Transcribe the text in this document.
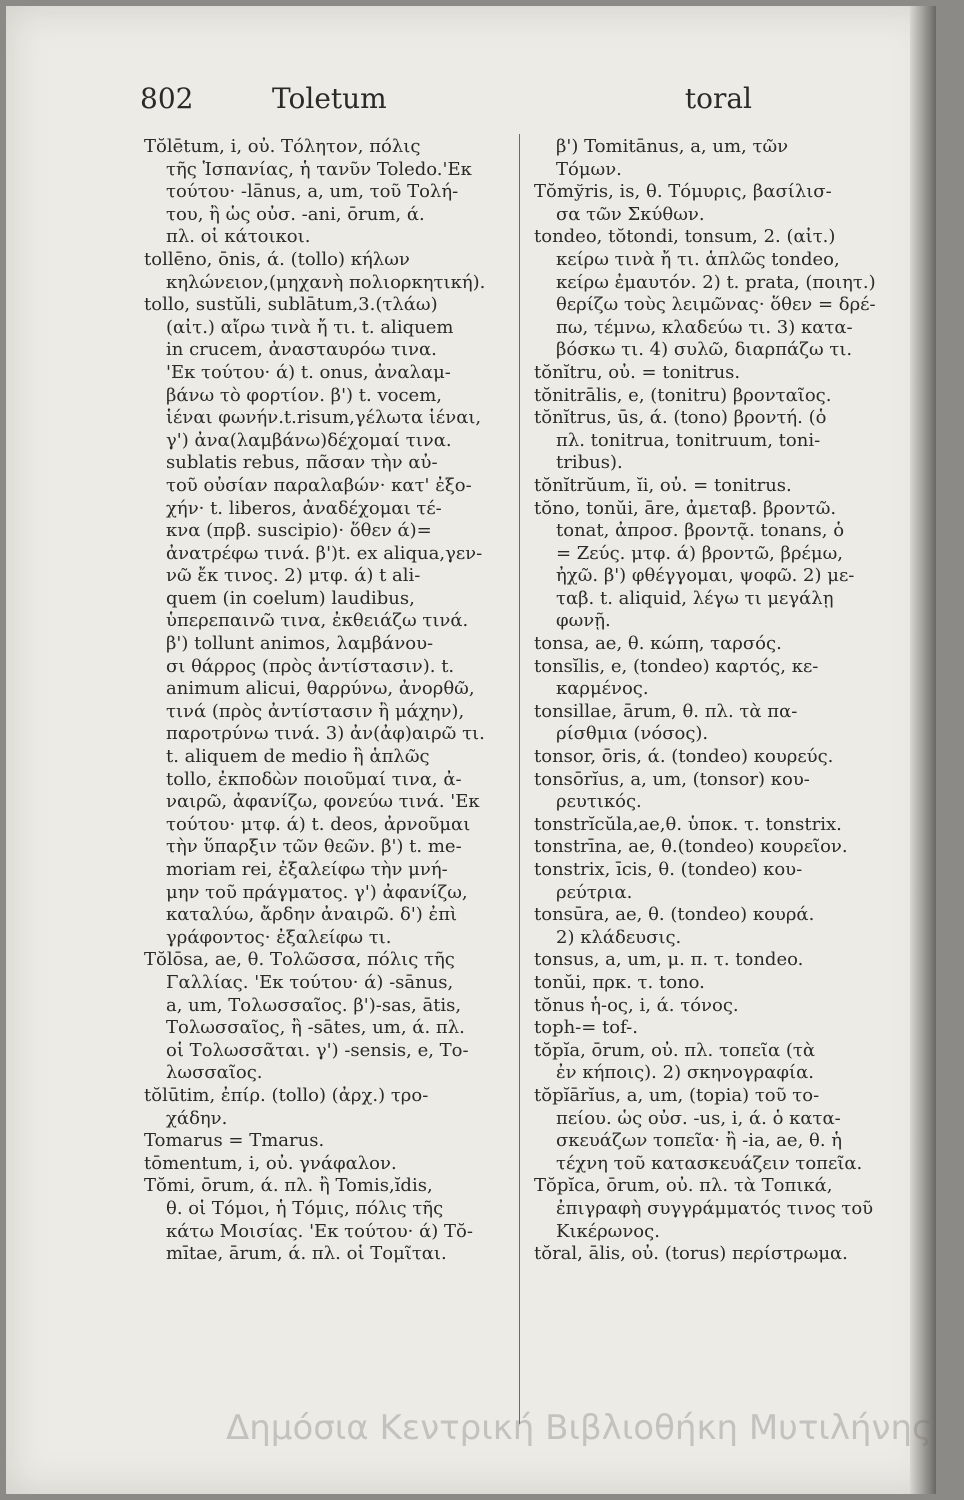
802	Toletum	toral
Tŏlētum, i, οὐ. Τόλητον, πόλις
τῆς Ἱσπανίας, ἡ τανῦν Toledo.'Εκ
τούτου· -lānus, a, um, τοῦ Τολή-
του, ἢ ὡς οὐσ. -ani, ōrum, ά.
πλ. οἱ κάτοικοι.
tollēno, ōnis, ά. (tollo) κήλων
κηλώνειον,(μηχανὴ πολιορκητική).
tollo, sustŭli, sublātum,3.(τλάω)
(αἰτ.) αἴρω τινὰ ἤ τι. t. aliquem
in crucem, ἀνασταυρόω τινα.
'Εκ τούτου· ά) t. onus, ἀναλαμ-
βάνω τὸ φορτίον. β') t. vocem,
ἱέναι φωνήν.t.risum,γέλωτα ἱέναι,
γ') ἀνα(λαμβάνω)δέχομαί τινα.
sublatis rebus, πᾶσαν τὴν αὐ-
τοῦ οὐσίαν παραλαβών· κατ' ἐξο-
χήν· t. liberos, ἀναδέχομαι τέ-
κνα (πρβ. suscipio)· ὅθεν ά)=
ἀνατρέφω τινά. β')t. ex aliqua,γεν-
νῶ ἔκ τινος. 2) μτφ. ά) t ali-
quem (in coelum) laudibus,
ὑπερεπαινῶ τινα, ἐκθειάζω τινά.
β') tollunt animos, λαμβάνου-
σι θάρρος (πρὸς ἀντίστασιν). t.
animum alicui, θαρρύνω, ἀνορθῶ,
τινά (πρὸς ἀντίστασιν ἢ μάχην),
παροτρύνω τινά. 3) ἀν(ἀφ)αιρῶ τι.
t. aliquem de medio ἢ ἁπλῶς
tollo, ἐκποδὼν ποιοῦμαί τινα, ἀ-
ναιρῶ, ἀφανίζω, φονεύω τινά. 'Εκ
τούτου· μτφ. ά) t. deos, ἀρνοῦμαι
τὴν ὕπαρξιν τῶν θεῶν. β') t. me-
moriam rei, ἐξαλείφω τὴν μνή-
μην τοῦ πράγματος. γ') ἀφανίζω,
καταλύω, ἄρδην ἀναιρῶ. δ') ἐπὶ
γράφοντος· ἐξαλείφω τι.
Tŏlōsa, ae, θ. Τολῶσσα, πόλις τῆς
Γαλλίας. 'Εκ τούτου· ά) -sānus,
a, um, Τολωσσαῖος. β')-sas, ātis,
Τολωσσαῖος, ἢ -sātes, um, ά. πλ.
οἱ Τολωσσᾶται. γ') -sensis, e, Το-
λωσσαῖος.
tŏlūtim, ἐπίρ. (tollo) (ἀρχ.) τρο-
χάδην.
Tomarus = Tmarus.
tōmentum, i, οὐ. γνάφαλον.
Tŏmi, ōrum, ά. πλ. ἢ Tomis,ĭdis,
θ. οἱ Τόμοι, ἡ Τόμις, πόλις τῆς
κάτω Μοισίας. 'Εκ τούτου· ά) Tŏ-
mītae, ārum, ά. πλ. οἱ Τομῖται.
β') Tomitānus, a, um, τῶν
Τόμων.
Tŏmўris, is, θ. Τόμυρις, βασίλισ-
σα τῶν Σκύθων.
tondeo, tŏtondi, tonsum, 2. (αἰτ.)
κείρω τινὰ ἤ τι. ἁπλῶς tondeo,
κείρω ἐμαυτόν. 2) t. prata, (ποιητ.)
θερίζω τοὺς λειμῶνας· ὅθεν = δρέ-
πω, τέμνω, κλαδεύω τι. 3) κατα-
βόσκω τι. 4) συλῶ, διαρπάζω τι.
tŏnĭtru, οὐ. = tonitrus.
tŏnitrālis, e, (tonitru) βρονταῖος.
tŏnĭtrus, ūs, ά. (tono) βροντή. (ὁ
πλ. tonitrua, tonitruum, toni-
tribus).
tŏnĭtrŭum, ĭi, οὐ. = tonitrus.
tŏno, tonŭi, āre, ἀμεταβ. βροντῶ.
tonat, ἀπροσ. βροντᾷ. tonans, ὁ
= Ζεύς. μτφ. ά) βροντῶ, βρέμω,
ἠχῶ. β') φθέγγομαι, ψοφῶ. 2) με-
ταβ. t. aliquid, λέγω τι μεγάλῃ
φωνῇ.
tonsa, ae, θ. κώπη, ταρσός.
tonsĭlis, e, (tondeo) καρτός, κε-
καρμένος.
tonsillae, ārum, θ. πλ. τὰ πα-
ρίσθμια (νόσος).
tonsor, ōris, ά. (tondeo) κουρεύς.
tonsōrĭus, a, um, (tonsor) κου-
ρευτικός.
tonstrĭcŭla,ae,θ. ὑποκ. τ. tonstrix.
tonstrīna, ae, θ.(tondeo) κουρεῖον.
tonstrix, īcis, θ. (tondeo) κου-
ρεύτρια.
tonsūra, ae, θ. (tondeo) κουρά.
2) κλάδευσις.
tonsus, a, um, μ. π. τ. tondeo.
tonŭi, πρκ. τ. tono.
tŏnus ἡ-ος, i, ά. τόνος.
toph-= tof-.
tŏpĭa, ōrum, οὐ. πλ. τοπεῖα (τὰ
ἐν κήποις). 2) σκηνογραφία.
tŏpĭārĭus, a, um, (topia) τοῦ το-
πείου. ὡς οὐσ. -us, i, ά. ὁ κατα-
σκευάζων τοπεῖα· ἢ -ia, ae, θ. ἡ
τέχνη τοῦ κατασκευάζειν τοπεῖα.
Tŏpĭca, ōrum, οὐ. πλ. τὰ Τοπικά,
ἐπιγραφὴ συγγράμματός τινος τοῦ
Κικέρωνος.
tŏral, ālis, οὐ. (torus) περίστρωμα.
Δημόσια Κεντρική Βιβλιοθήκη Μυτιλήνης
